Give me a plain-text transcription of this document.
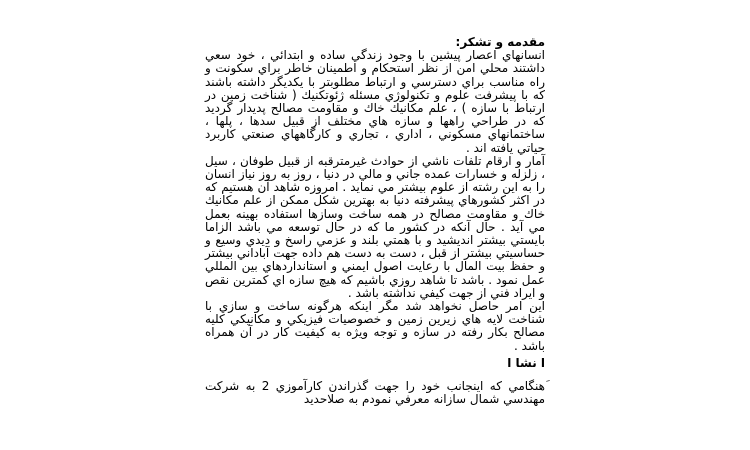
مقدمه و تشكر:

انسانهاي اعصار پيشين با وجود زندگي ساده و ابتدائي ، خود سعي داشتند محلي امن از نظر استحكام و اطمينان خاطر براي سكونت و راه مناسب براي دسترسي و ارتباط مطلوبتر با يكديگر داشته باشند كه با پيشرفت علوم و تكنولوژي مسئله ژئوتكنيك ( شناخت زمين در ارتباط با سازه ) ، علم مكانيك خاك و مقاومت مصالح پديدار گرديد كه در طراحي راهها و سازه هاي مختلف از قبيل سدها ، پلها ، ساختمانهاي مسكوني ، اداري ، تجاري و كارگاههاي صنعتي كاربرد حياتي يافته اند .

آمار و ارقام تلفات ناشي از حوادث غيرمترقبه از قبيل طوفان ، سيل ، زلزله و خسارات عمده جاني و مالي در دنيا ، روز به روز نياز انسان را به اين رشته از علوم بيشتر مي نمايد . امروزه شاهد آن هستيم كه در اكثر كشورهاي پيشرفته دنيا به بهترين شكل ممكن از علم مكانيك خاك و مقاومت مصالح در همه ساخت وسازها استفاده بهينه بعمل مي آيد . حال آنكه در كشور ما كه در حال توسعه مي باشد الزاما بايستي بيشتر انديشيد و با همتي بلند و عزمي راسخ و ديدي وسيع و حساسيتي بيشتر از قبل ، دست به دست هم داده جهت آباداني بيشتر و حفظ بيت المال با رعايت اصول ايمني و استانداردهاي بين المللي عمل نمود . باشد تا شاهد روزي باشيم كه هيچ سازه اي كمترين نقص و ايراد فني از جهت كيفي نداشته باشد .

اين امر حاصل نخواهد شد مگر اينكه هرگونه ساخت و سازي با شناخت لايه هاي زيرين زمين و خصوصيات فيزيكي و مكانيكي كليه مصالح بكار رفته در سازه و توجه ويژه به كيفيت كار در آن همراه باشد .

ا نشا ا

هنگامي كه اينجانب خود را جهت گذراندن كارآموزي 2 به شركت مهندسي شمال سازانه معرفي نمودم به صلاحديد
